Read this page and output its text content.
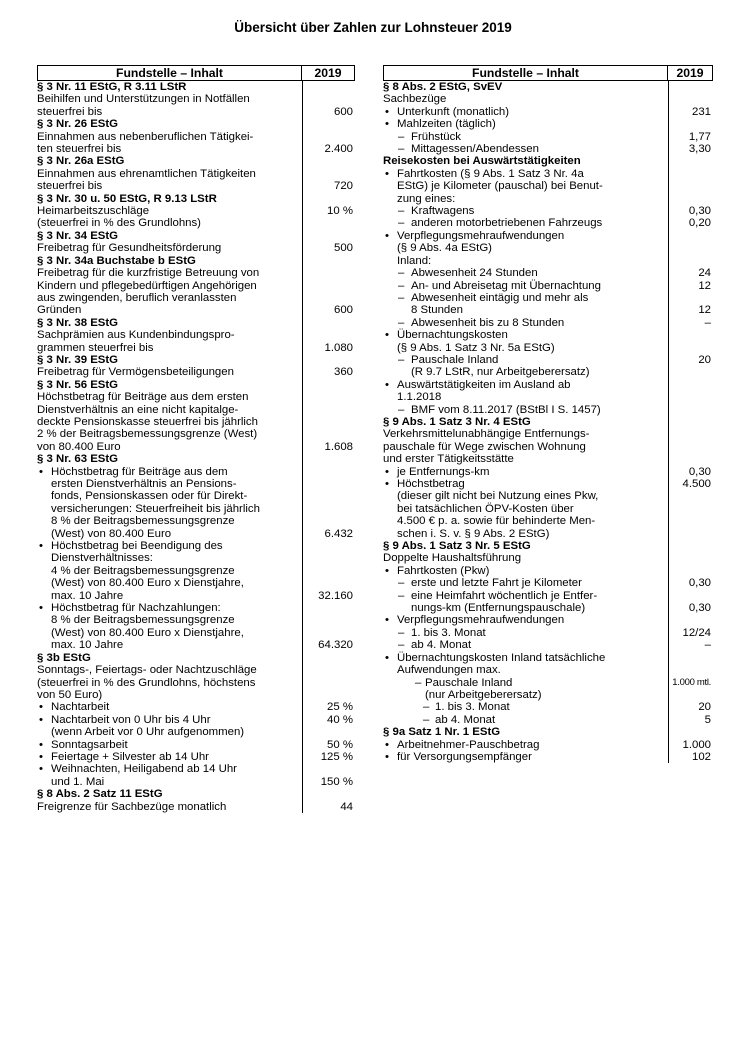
Übersicht über Zahlen zur Lohnsteuer 2019
Fundstelle – Inhalt	2019
§ 3 Nr. 11 EStG, R 3.11 LStR
Beihilfen und Unterstützungen in Notfällen
steuerfrei bis	600
§ 3 Nr. 26 EStG
Einnahmen aus nebenberuflichen Tätigkei-
ten steuerfrei bis	2.400
§ 3 Nr. 26a EStG
Einnahmen aus ehrenamtlichen Tätigkeiten
steuerfrei bis	720
§ 3 Nr. 30 u. 50 EStG, R 9.13 LStR
Heimarbeitszuschläge	10 %
(steuerfrei in % des Grundlohns)
§ 3 Nr. 34 EStG
Freibetrag für Gesundheitsförderung	500
§ 3 Nr. 34a Buchstabe b EStG
Freibetrag für die kurzfristige Betreuung von
Kindern und pflegebedürftigen Angehörigen
aus zwingenden, beruflich veranlassten
Gründen	600
§ 3 Nr. 38 EStG
Sachprämien aus Kundenbindungspro-
grammen steuerfrei bis	1.080
§ 3 Nr. 39 EStG
Freibetrag für Vermögensbeteiligungen	360
§ 3 Nr. 56 EStG
Höchstbetrag für Beiträge aus dem ersten
Dienstverhältnis an eine nicht kapitalge-
deckte Pensionskasse steuerfrei bis jährlich
2 % der Beitragsbemessungsgrenze (West)
von 80.400 Euro	1.608
§ 3 Nr. 63 EStG
• Höchstbetrag für Beiträge aus dem
ersten Dienstverhältnis an Pensions-
fonds, Pensionskassen oder für Direkt-
versicherungen: Steuerfreiheit bis jährlich
8 % der Beitragsbemessungsgrenze
(West) von 80.400 Euro	6.432
• Höchstbetrag bei Beendigung des
Dienstverhältnisses:
4 % der Beitragsbemessungsgrenze
(West) von 80.400 Euro x Dienstjahre,
max. 10 Jahre	32.160
• Höchstbetrag für Nachzahlungen:
8 % der Beitragsbemessungsgrenze
(West) von 80.400 Euro x Dienstjahre,
max. 10 Jahre	64.320
§ 3b EStG
Sonntags-, Feiertags- oder Nachtzuschläge
(steuerfrei in % des Grundlohns, höchstens
von 50 Euro)
• Nachtarbeit	25 %
• Nachtarbeit von 0 Uhr bis 4 Uhr	40 %
(wenn Arbeit vor 0 Uhr aufgenommen)
• Sonntagsarbeit	50 %
• Feiertage + Silvester ab 14 Uhr	125 %
• Weihnachten, Heiligabend ab 14 Uhr
und 1. Mai	150 %
§ 8 Abs. 2 Satz 11 EStG
Freigrenze für Sachbezüge monatlich	44
Fundstelle – Inhalt	2019
§ 8 Abs. 2 EStG, SvEV
Sachbezüge
• Unterkunft (monatlich)	231
• Mahlzeiten (täglich)
– Frühstück	1,77
– Mittagessen/Abendessen	3,30
Reisekosten bei Auswärtstätigkeiten
• Fahrtkosten (§ 9 Abs. 1 Satz 3 Nr. 4a
EStG) je Kilometer (pauschal) bei Benut-
zung eines:
– Kraftwagens	0,30
– anderen motorbetriebenen Fahrzeugs	0,20
• Verpflegungsmehraufwendungen
(§ 9 Abs. 4a EStG)
Inland:
– Abwesenheit 24 Stunden	24
– An- und Abreisetag mit Übernachtung	12
– Abwesenheit eintägig und mehr als
8 Stunden	12
– Abwesenheit bis zu 8 Stunden	–
• Übernachtungskosten
(§ 9 Abs. 1 Satz 3 Nr. 5a EStG)
– Pauschale Inland	20
(R 9.7 LStR, nur Arbeitgeberersatz)
• Auswärtstätigkeiten im Ausland ab
1.1.2018
– BMF vom 8.11.2017 (BStBl I S. 1457)
§ 9 Abs. 1 Satz 3 Nr. 4 EStG
Verkehrsmittelunabhängige Entfernungs-
pauschale für Wege zwischen Wohnung
und erster Tätigkeitsstätte
• je Entfernungs-km	0,30
• Höchstbetrag	4.500
(dieser gilt nicht bei Nutzung eines Pkw,
bei tatsächlichen ÖPV-Kosten über
4.500 € p. a. sowie für behinderte Men-
schen i. S. v. § 9 Abs. 2 EStG)
§ 9 Abs. 1 Satz 3 Nr. 5 EStG
Doppelte Haushaltsführung
• Fahrtkosten (Pkw)
– erste und letzte Fahrt je Kilometer	0,30
– eine Heimfahrt wöchentlich je Entfer-
nungs-km (Entfernungspauschale)	0,30
• Verpflegungsmehraufwendungen
– 1. bis 3. Monat	12/24
– ab 4. Monat	–
• Übernachtungskosten Inland tatsächliche
Aufwendungen max.
– Pauschale Inland	1.000 mtl.
(nur Arbeitgeberersatz)
– 1. bis 3. Monat	20
– ab 4. Monat	5
§ 9a Satz 1 Nr. 1 EStG
• Arbeitnehmer-Pauschbetrag	1.000
• für Versorgungsempfänger	102
